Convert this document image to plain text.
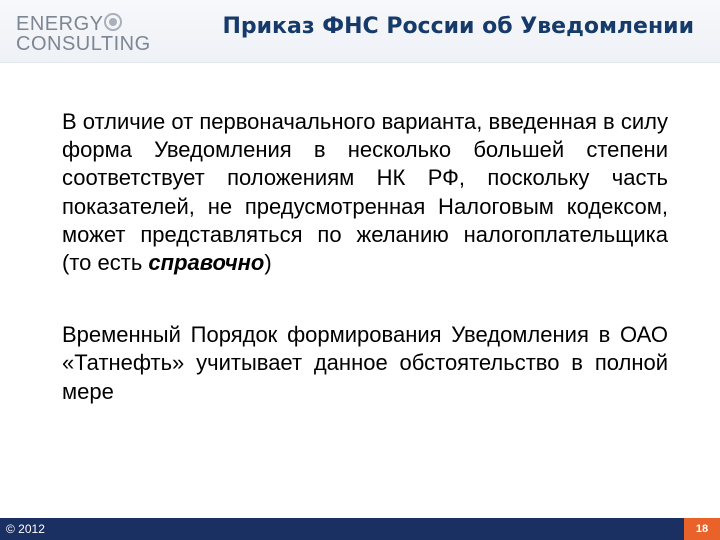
ENERGY
CONSULTING
Приказ ФНС России об Уведомлении

В отличие от первоначального варианта, введенная в силу форма Уведомления в несколько большей степени соответствует положениям НК РФ, поскольку часть показателей, не предусмотренная Налоговым кодексом, может представляться по желанию налогоплательщика (то есть справочно)

Временный Порядок формирования Уведомления в ОАО «Татнефть» учитывает данное обстоятельство в полной мере

© 2012	18
